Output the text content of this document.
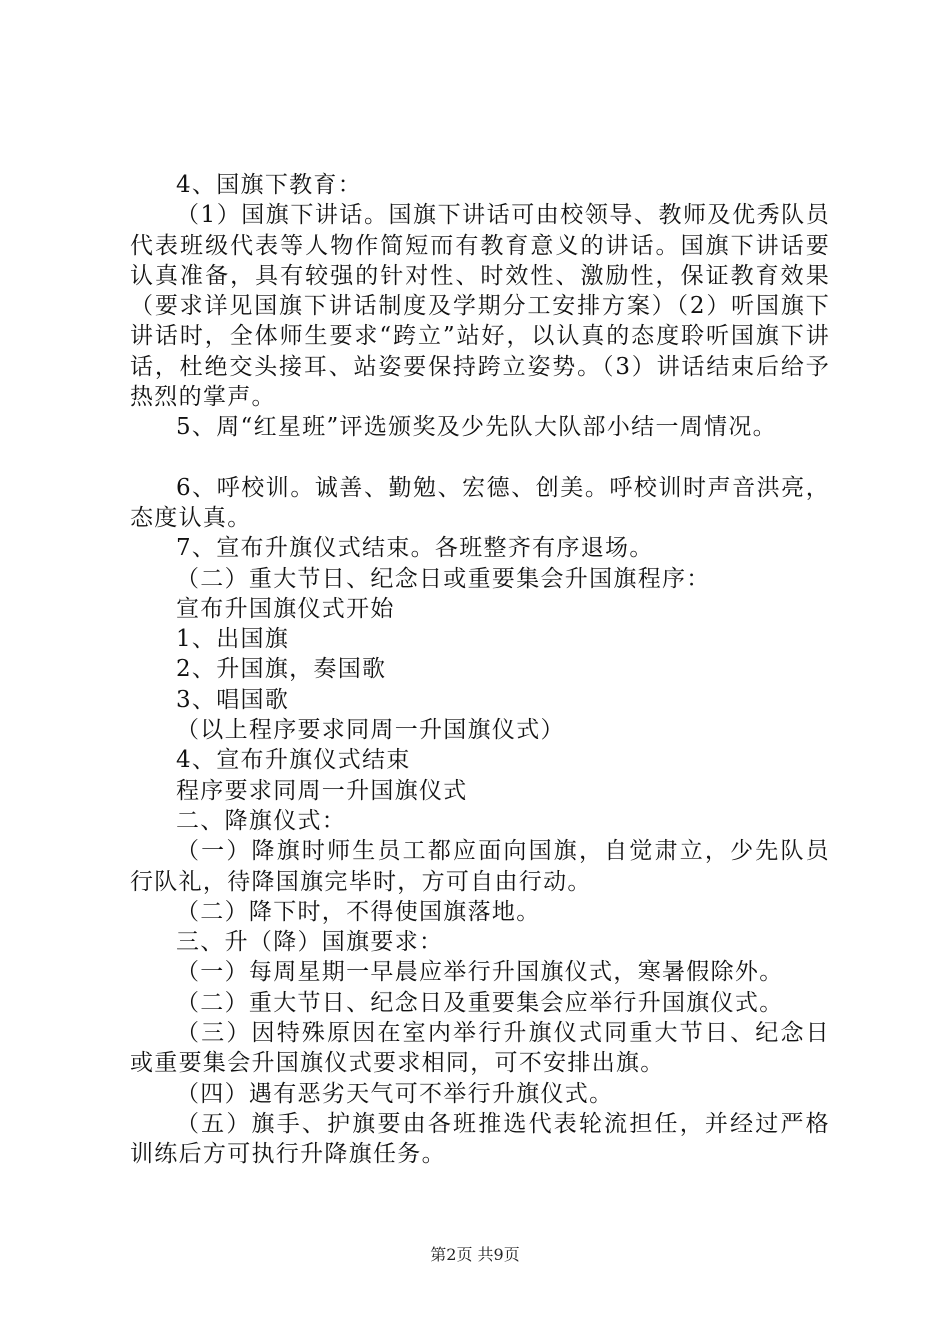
4、国旗下教育：

（1）国旗下讲话。国旗下讲话可由校领导、教师及优秀队员代表班级代表等人物作简短而有教育意义的讲话。国旗下讲话要认真准备，具有较强的针对性、时效性、激励性，保证教育效果（要求详见国旗下讲话制度及学期分工安排方案）（2）听国旗下讲话时，全体师生要求“跨立”站好，以认真的态度聆听国旗下讲话，杜绝交头接耳、站姿要保持跨立姿势。（3）讲话结束后给予热烈的掌声。

5、周“红星班”评选颁奖及少先队大队部小结一周情况。

6、呼校训。诚善、勤勉、宏德、创美。呼校训时声音洪亮，态度认真。

7、宣布升旗仪式结束。各班整齐有序退场。

（二）重大节日、纪念日或重要集会升国旗程序：

宣布升国旗仪式开始

1、出国旗

2、升国旗，奏国歌

3、唱国歌

（以上程序要求同周一升国旗仪式）

4、宣布升旗仪式结束

程序要求同周一升国旗仪式

二、降旗仪式：

（一）降旗时师生员工都应面向国旗，自觉肃立，少先队员行队礼，待降国旗完毕时，方可自由行动。

（二）降下时，不得使国旗落地。

三、升（降）国旗要求：

（一）每周星期一早晨应举行升国旗仪式，寒暑假除外。

（二）重大节日、纪念日及重要集会应举行升国旗仪式。

（三）因特殊原因在室内举行升旗仪式同重大节日、纪念日或重要集会升国旗仪式要求相同，可不安排出旗。

（四）遇有恶劣天气可不举行升旗仪式。

（五）旗手、护旗要由各班推选代表轮流担任，并经过严格训练后方可执行升降旗任务。

第2页 共9页
